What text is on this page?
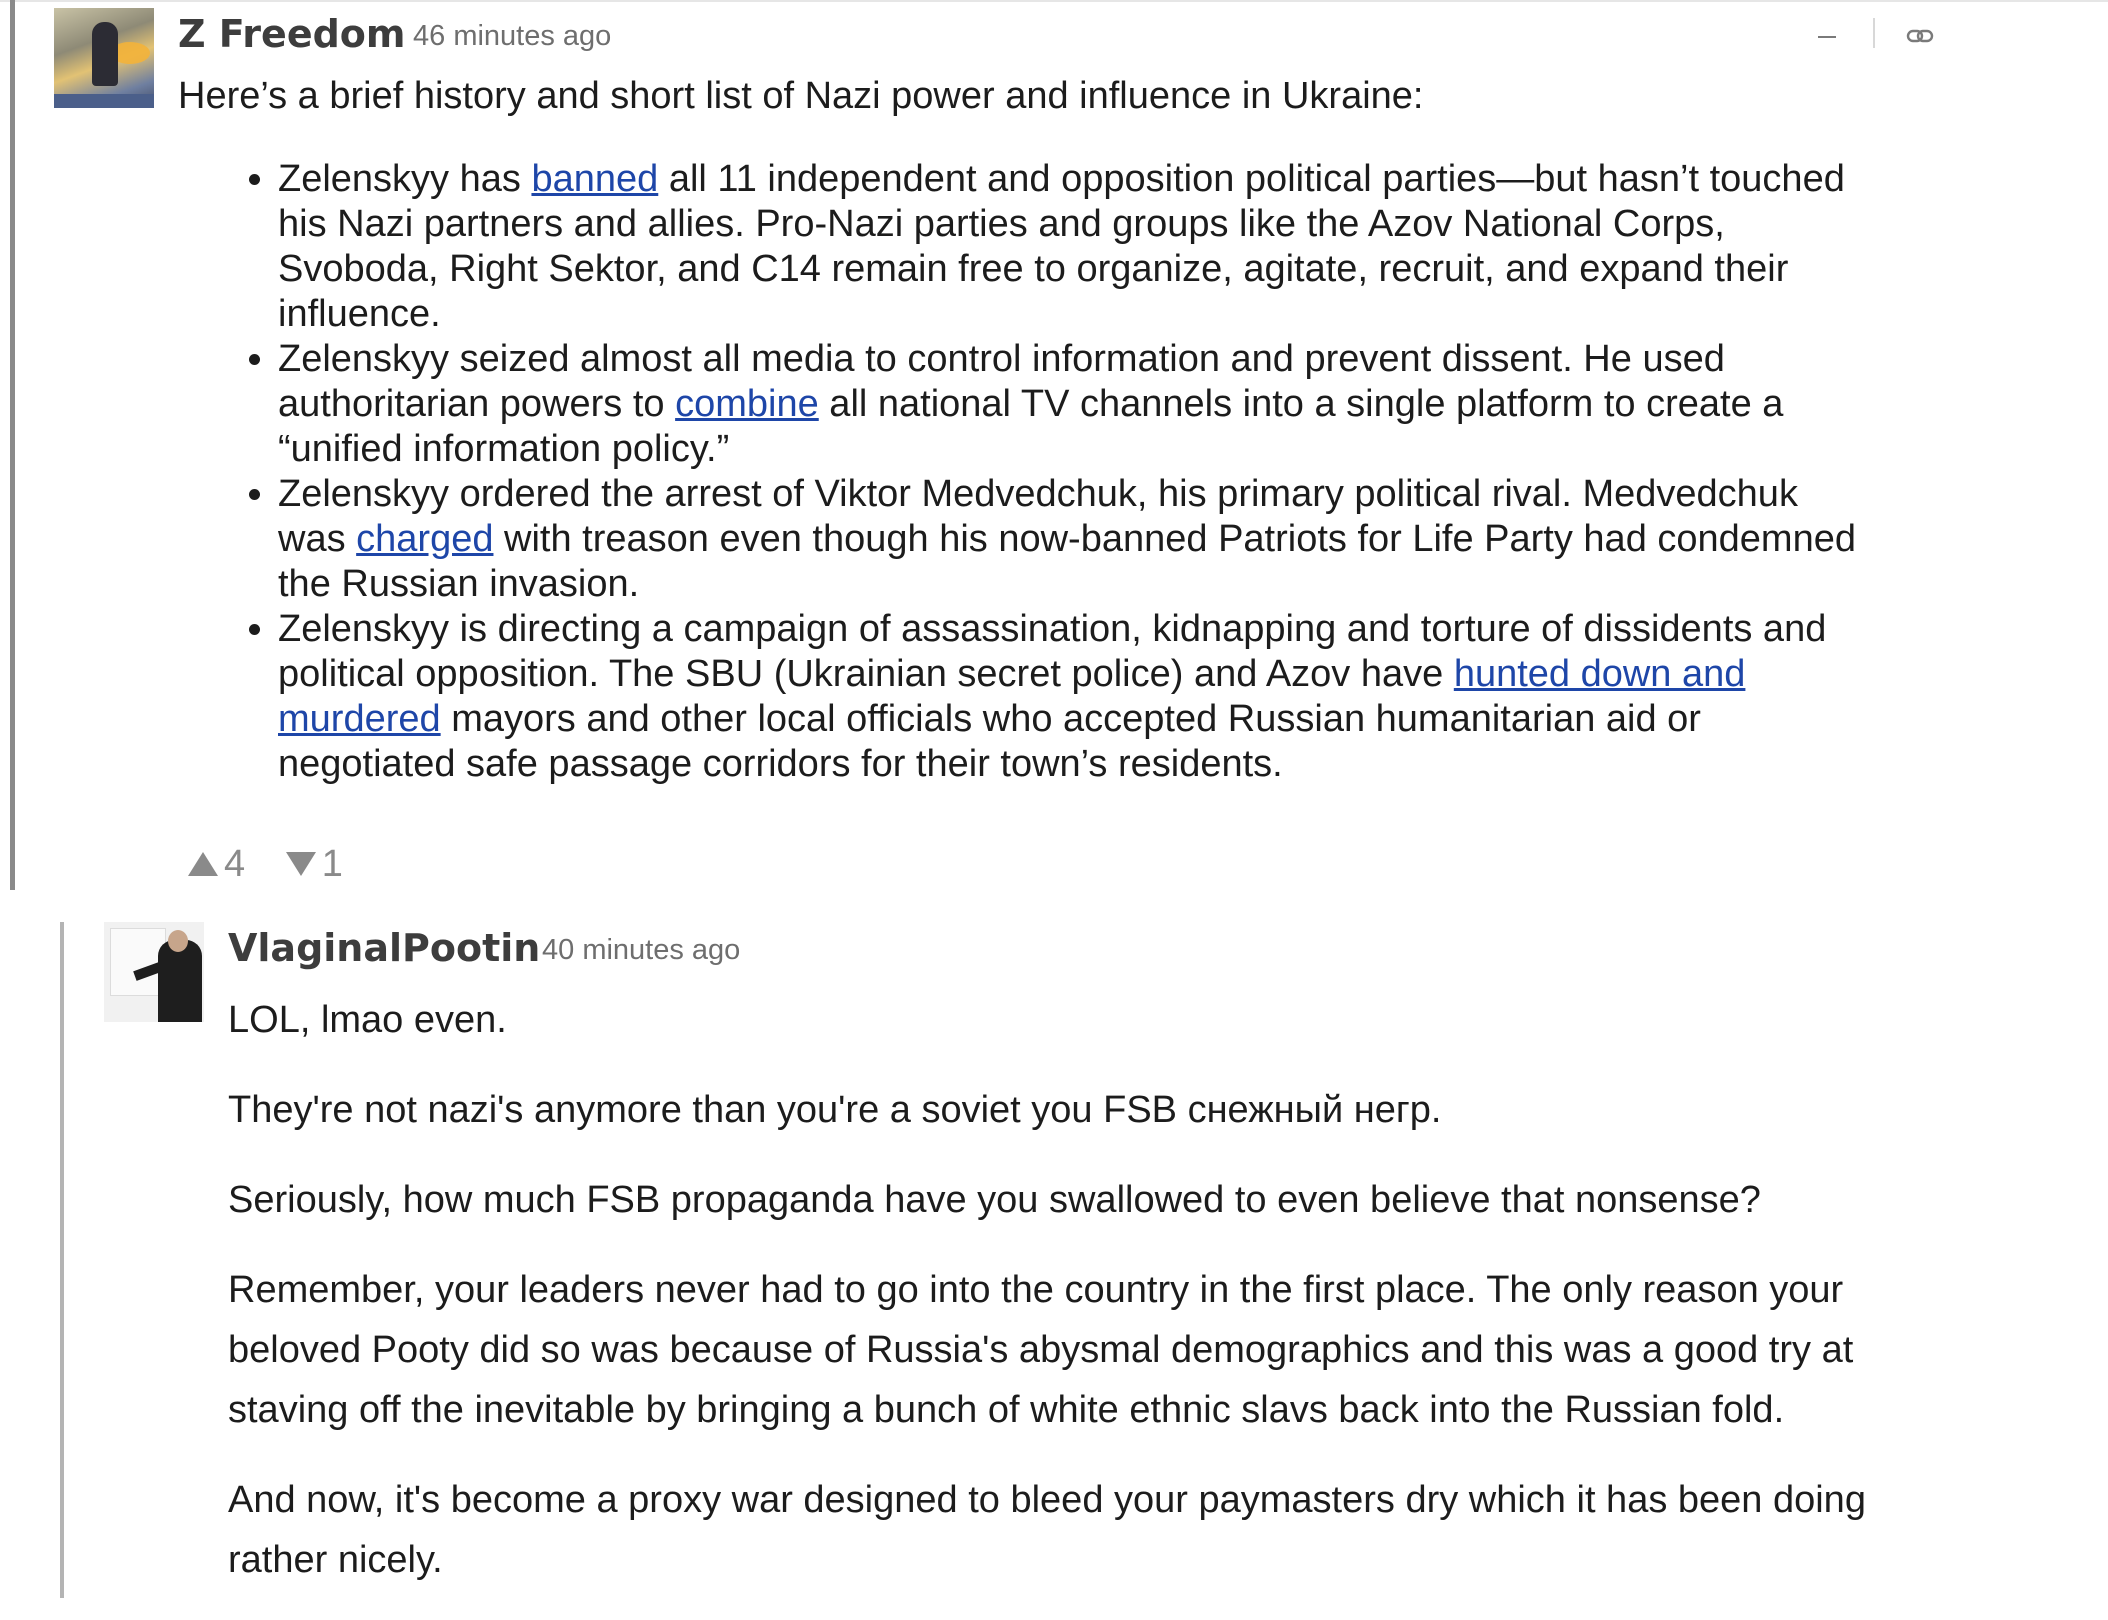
Z Freedom 46 minutes ago

Here’s a brief history and short list of Nazi power and influence in Ukraine:

• Zelenskyy has banned all 11 independent and opposition political parties—but hasn’t touched
his Nazi partners and allies. Pro-Nazi parties and groups like the Azov National Corps,
Svoboda, Right Sektor, and C14 remain free to organize, agitate, recruit, and expand their
influence.
• Zelenskyy seized almost all media to control information and prevent dissent. He used
authoritarian powers to combine all national TV channels into a single platform to create a
“unified information policy.”
• Zelenskyy ordered the arrest of Viktor Medvedchuk, his primary political rival. Medvedchuk
was charged with treason even though his now-banned Patriots for Life Party had condemned
the Russian invasion.
• Zelenskyy is directing a campaign of assassination, kidnapping and torture of dissidents and
political opposition. The SBU (Ukrainian secret police) and Azov have hunted down and
murdered mayors and other local officials who accepted Russian humanitarian aid or
negotiated safe passage corridors for their town’s residents.
4 1
VlaginalPootin 40 minutes ago

LOL, lmao even.

They're not nazi's anymore than you're a soviet you FSB снежный негр.

Seriously, how much FSB propaganda have you swallowed to even believe that nonsense?

Remember, your leaders never had to go into the country in the first place. The only reason your
beloved Pooty did so was because of Russia's abysmal demographics and this was a good try at
staving off the inevitable by bringing a bunch of white ethnic slavs back into the Russian fold.

And now, it's become a proxy war designed to bleed your paymasters dry which it has been doing
rather nicely.
